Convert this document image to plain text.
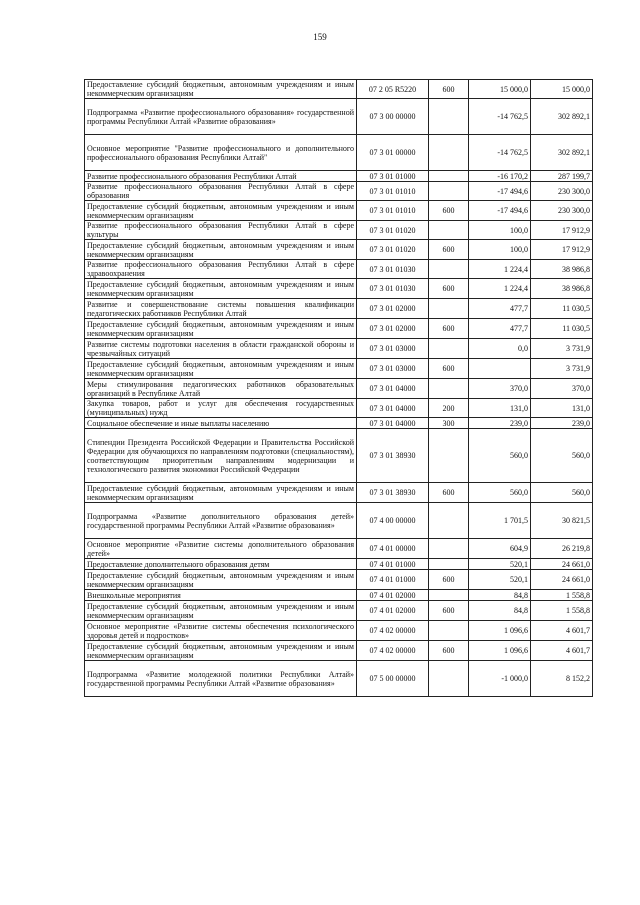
159
Предоставление субсидий бюджетным, автономным учреждениям и иным некоммерческим организациям	07 2 05 R5220	600	15 000,0	15 000,0
Подпрограмма «Развитие профессионального образования» государственной программы Республики Алтай «Развитие образования»	07 3 00 00000		-14 762,5	302 892,1
Основное мероприятие "Развитие профессионального и дополнительного профессионального образования Республики Алтай"	07 3 01 00000		-14 762,5	302 892,1
Развитие профессионального образования Республики Алтай	07 3 01 01000		-16 170,2	287 199,7
Развитие профессионального образования Республики Алтай в сфере образования	07 3 01 01010		-17 494,6	230 300,0
Предоставление субсидий бюджетным, автономным учреждениям и иным некоммерческим организациям	07 3 01 01010	600	-17 494,6	230 300,0
Развитие профессионального образования Республики Алтай в сфере культуры	07 3 01 01020		100,0	17 912,9
Предоставление субсидий бюджетным, автономным учреждениям и иным некоммерческим организациям	07 3 01 01020	600	100,0	17 912,9
Развитие профессионального образования Республики Алтай в сфере здравоохранения	07 3 01 01030		1 224,4	38 986,8
Предоставление субсидий бюджетным, автономным учреждениям и иным некоммерческим организациям	07 3 01 01030	600	1 224,4	38 986,8
Развитие и совершенствование системы повышения квалификации педагогических работников Республики Алтай	07 3 01 02000		477,7	11 030,5
Предоставление субсидий бюджетным, автономным учреждениям и иным некоммерческим организациям	07 3 01 02000	600	477,7	11 030,5
Развитие системы подготовки населения в области гражданской обороны и чрезвычайных ситуаций	07 3 01 03000		0,0	3 731,9
Предоставление субсидий бюджетным, автономным учреждениям и иным некоммерческим организациям	07 3 01 03000	600		3 731,9
Меры стимулирования педагогических работников образовательных организаций в Республике Алтай	07 3 01 04000		370,0	370,0
Закупка товаров, работ и услуг для обеспечения государственных (муниципальных) нужд	07 3 01 04000	200	131,0	131,0
Социальное обеспечение и иные выплаты населению	07 3 01 04000	300	239,0	239,0
Стипендии Президента Российской Федерации и Правительства Российской Федерации для обучающихся по направлениям подготовки (специальностям), соответствующим приоритетным направлениям модернизации и технологического развития экономики Российской Федерации	07 3 01 38930		560,0	560,0
Предоставление субсидий бюджетным, автономным учреждениям и иным некоммерческим организациям	07 3 01 38930	600	560,0	560,0
Подпрограмма «Развитие дополнительного образования детей» государственной программы Республики Алтай «Развитие образования»	07 4 00 00000		1 701,5	30 821,5
Основное мероприятие «Развитие системы дополнительного образования детей»	07 4 01 00000		604,9	26 219,8
Предоставление дополнительного образования детям	07 4 01 01000		520,1	24 661,0
Предоставление субсидий бюджетным, автономным учреждениям и иным некоммерческим организациям	07 4 01 01000	600	520,1	24 661,0
Внешкольные мероприятия	07 4 01 02000		84,8	1 558,8
Предоставление субсидий бюджетным, автономным учреждениям и иным некоммерческим организациям	07 4 01 02000	600	84,8	1 558,8
Основное мероприятие «Развитие системы обеспечения психологического здоровья детей и подростков»	07 4 02 00000		1 096,6	4 601,7
Предоставление субсидий бюджетным, автономным учреждениям и иным некоммерческим организациям	07 4 02 00000	600	1 096,6	4 601,7
Подпрограмма «Развитие молодежной политики Республики Алтай» государственной программы Республики Алтай «Развитие образования»	07 5 00 00000		-1 000,0	8 152,2
